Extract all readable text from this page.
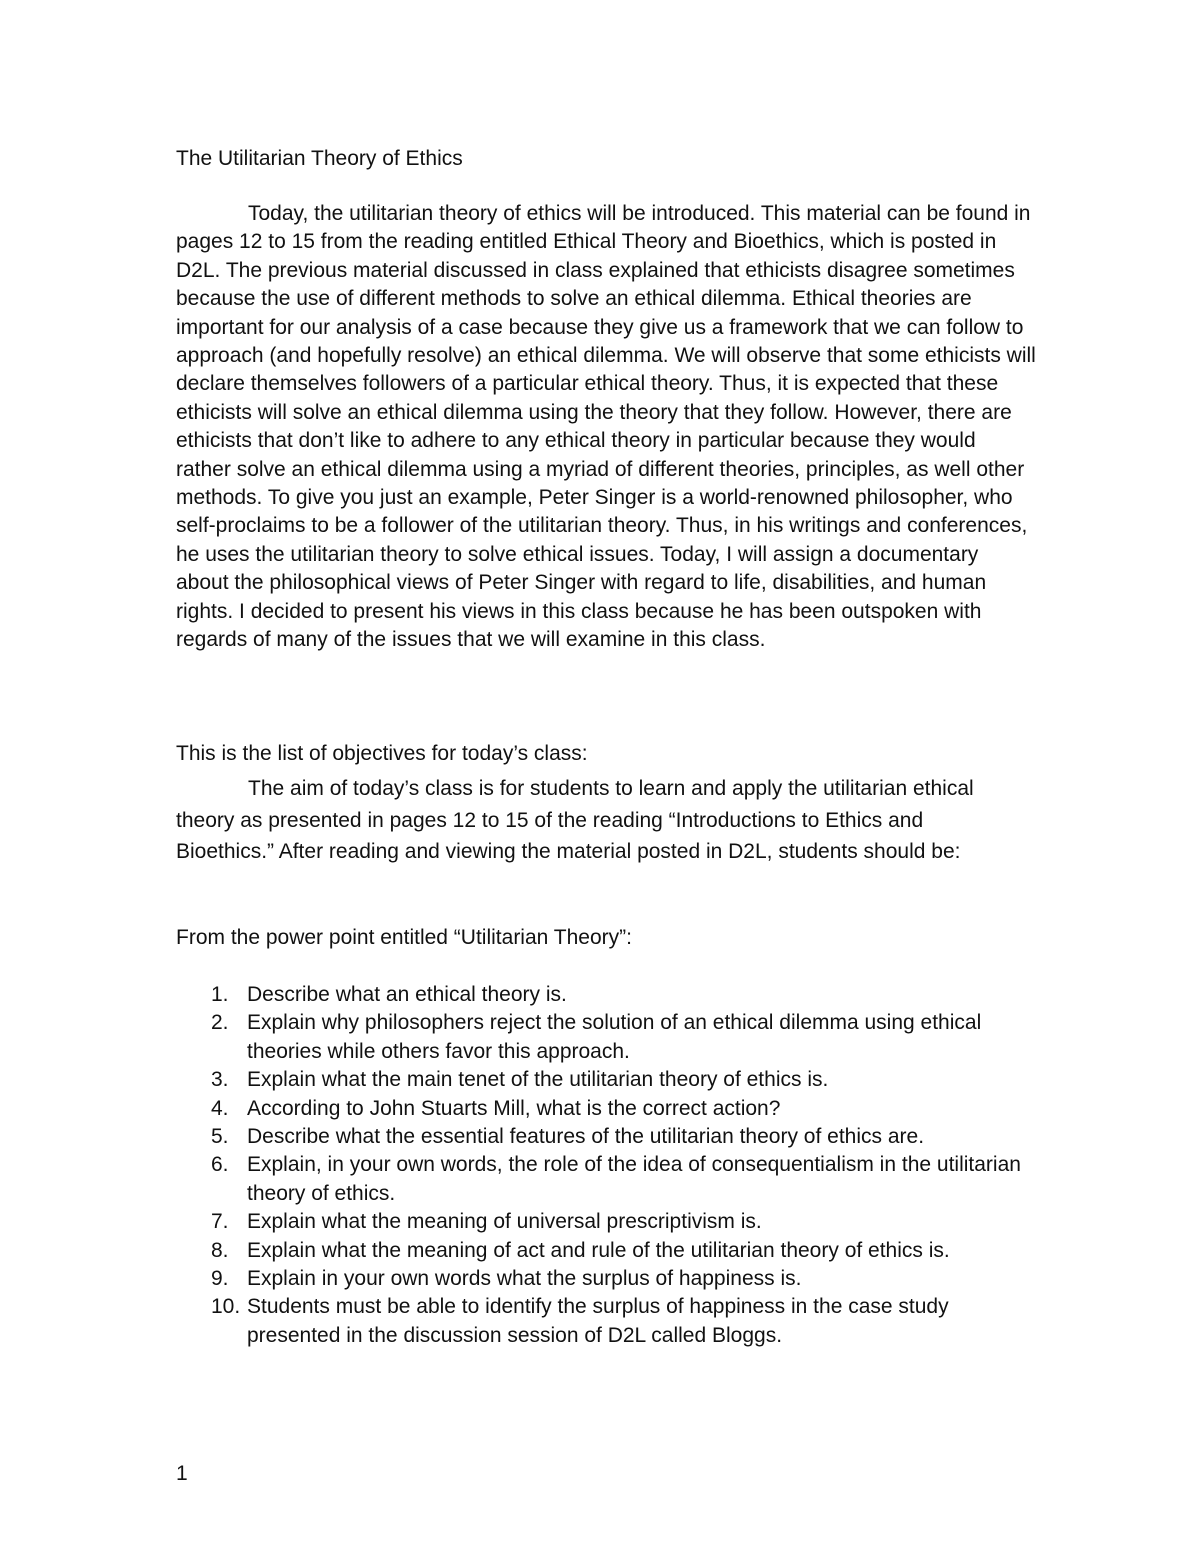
The Utilitarian Theory of Ethics

Today, the utilitarian theory of ethics will be introduced. This material can be found in pages 12 to 15 from the reading entitled Ethical Theory and Bioethics, which is posted in D2L. The previous material discussed in class explained that ethicists disagree sometimes because the use of different methods to solve an ethical dilemma. Ethical theories are important for our analysis of a case because they give us a framework that we can follow to approach (and hopefully resolve) an ethical dilemma. We will observe that some ethicists will declare themselves followers of a particular ethical theory. Thus, it is expected that these ethicists will solve an ethical dilemma using the theory that they follow. However, there are ethicists that don’t like to adhere to any ethical theory in particular because they would rather solve an ethical dilemma using a myriad of different theories, principles, as well other methods. To give you just an example, Peter Singer is a world-renowned philosopher, who self-proclaims to be a follower of the utilitarian theory. Thus, in his writings and conferences, he uses the utilitarian theory to solve ethical issues. Today, I will assign a documentary about the philosophical views of Peter Singer with regard to life, disabilities, and human rights. I decided to present his views in this class because he has been outspoken with regards of many of the issues that we will examine in this class.

This is the list of objectives for today’s class:

The aim of today’s class is for students to learn and apply the utilitarian ethical theory as presented in pages 12 to 15 of the reading “Introductions to Ethics and Bioethics.” After reading and viewing the material posted in D2L, students should be:

From the power point entitled “Utilitarian Theory”:

1. Describe what an ethical theory is.
2. Explain why philosophers reject the solution of an ethical dilemma using ethical theories while others favor this approach.
3. Explain what the main tenet of the utilitarian theory of ethics is.
4. According to John Stuarts Mill, what is the correct action?
5. Describe what the essential features of the utilitarian theory of ethics are.
6. Explain, in your own words, the role of the idea of consequentialism in the utilitarian theory of ethics.
7. Explain what the meaning of universal prescriptivism is.
8. Explain what the meaning of act and rule of the utilitarian theory of ethics is.
9. Explain in your own words what the surplus of happiness is.
10. Students must be able to identify the surplus of happiness in the case study presented in the discussion session of D2L called Bloggs.

1
